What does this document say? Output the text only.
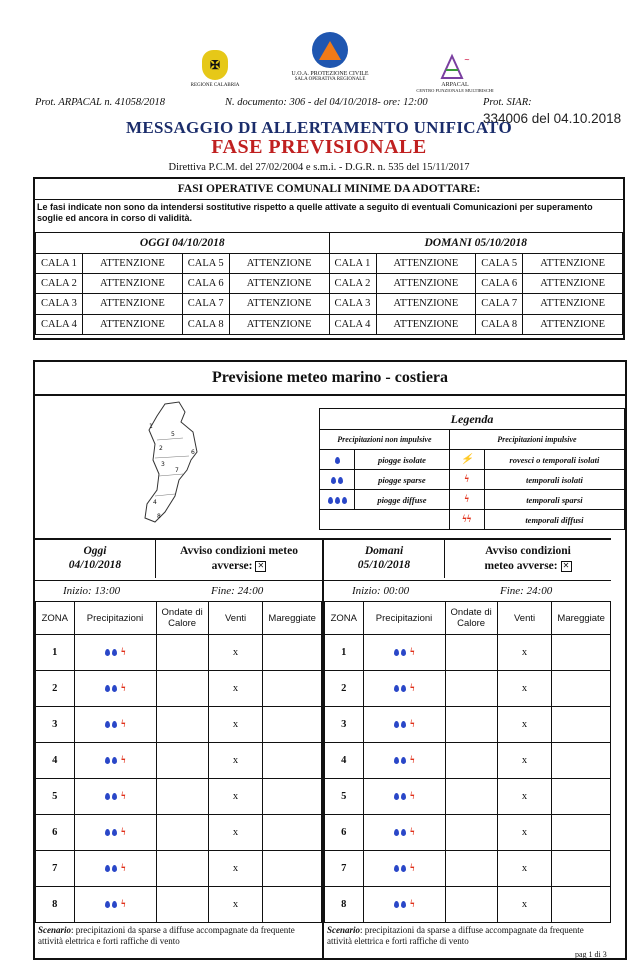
✠
REGIONE CALABRIA
U.O.A. PROTEZIONE CIVILE
SALA OPERATIVA REGIONALE
~
ARPACAL
CENTRO FUNZIONALE MULTIRISCHI
Prot. ARPACAL n. 41058/2018	N. documento: 306 - del 04/10/2018- ore: 12:00	Prot. SIAR:
334006 del 04.10.2018
MESSAGGIO DI ALLERTAMENTO UNIFICATO
FASE PREVISIONALE
Direttiva P.C.M. del 27/02/2004 e s.m.i. - D.G.R. n. 535 del 15/11/2017
FASI OPERATIVE COMUNALI MINIME DA ADOTTARE:
Le fasi indicate non sono da intendersi sostitutive rispetto a quelle attivate a seguito di eventuali Comunicazioni per superamento soglie ed ancora in corso di validità.
OGGI 04/10/2018				DOMANI 05/10/2018			
CALA 1	ATTENZIONE	CALA 5	ATTENZIONE	CALA 1	ATTENZIONE	CALA 5	ATTENZIONE
CALA 2	ATTENZIONE	CALA 6	ATTENZIONE	CALA 2	ATTENZIONE	CALA 6	ATTENZIONE
CALA 3	ATTENZIONE	CALA 7	ATTENZIONE	CALA 3	ATTENZIONE	CALA 7	ATTENZIONE
CALA 4	ATTENZIONE	CALA 8	ATTENZIONE	CALA 4	ATTENZIONE	CALA 8	ATTENZIONE
Previsione meteo marino - costiera
1
5
2
6
3
7
4
8
Legenda			
Precipitazioni non impulsive		Precipitazioni impulsive	
	piogge isolate	⚡	rovesci o temporali isolati
	piogge sparse	ϟ	temporali isolati
	piogge diffuse	ϟ	temporali sparsi
		ϟϟ	temporali diffusi
Oggi
04/10/2018
Avviso condizioni meteo
avverse: ✕
Inizio: 13:00	Fine: 24:00
ZONA	Precipitazioni	Ondate di Calore	Venti	Mareggiate
1	ϟ		x	
2	ϟ		x	
3	ϟ		x	
4	ϟ		x	
5	ϟ		x	
6	ϟ		x	
7	ϟ		x	
8	ϟ		x	
Scenario: precipitazioni da sparse a diffuse accompagnate da frequente attività elettrica e forti raffiche di vento
Domani
05/10/2018
Avviso condizioni
meteo avverse: ✕
Inizio: 00:00	Fine: 24:00
ZONA	Precipitazioni	Ondate di Calore	Venti	Mareggiate
1	ϟ		x	
2	ϟ		x	
3	ϟ		x	
4	ϟ		x	
5	ϟ		x	
6	ϟ		x	
7	ϟ		x	
8	ϟ		x	
Scenario: precipitazioni da sparse a diffuse accompagnate da frequente attività elettrica e forti raffiche di vento
pag 1 di 3
